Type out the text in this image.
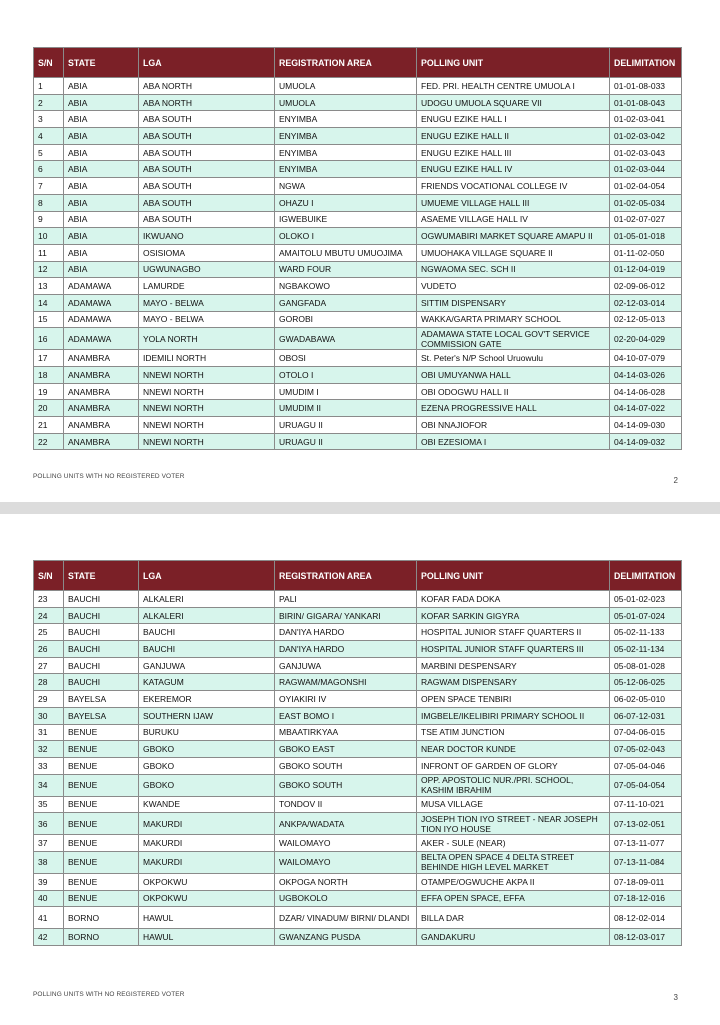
S/N	STATE	LGA	REGISTRATION AREA	POLLING UNIT	DELIMITATION
1	ABIA	ABA NORTH	UMUOLA	FED. PRI. HEALTH CENTRE UMUOLA I	01-01-08-033
2	ABIA	ABA NORTH	UMUOLA	UDOGU UMUOLA SQUARE VII	01-01-08-043
3	ABIA	ABA SOUTH	ENYIMBA	ENUGU EZIKE HALL I	01-02-03-041
4	ABIA	ABA SOUTH	ENYIMBA	ENUGU EZIKE HALL II	01-02-03-042
5	ABIA	ABA SOUTH	ENYIMBA	ENUGU EZIKE HALL III	01-02-03-043
6	ABIA	ABA SOUTH	ENYIMBA	ENUGU EZIKE HALL IV	01-02-03-044
7	ABIA	ABA SOUTH	NGWA	FRIENDS VOCATIONAL COLLEGE IV	01-02-04-054
8	ABIA	ABA SOUTH	OHAZU I	UMUEME VILLAGE HALL III	01-02-05-034
9	ABIA	ABA SOUTH	IGWEBUIKE	ASAEME VILLAGE HALL IV	01-02-07-027
10	ABIA	IKWUANO	OLOKO I	OGWUMABIRI MARKET SQUARE AMAPU II	01-05-01-018
11	ABIA	OSISIOMA	AMAITOLU MBUTU UMUOJIMA	UMUOHAKA VILLAGE SQUARE II	01-11-02-050
12	ABIA	UGWUNAGBO	WARD FOUR	NGWAOMA SEC. SCH II	01-12-04-019
13	ADAMAWA	LAMURDE	NGBAKOWO	VUDETO	02-09-06-012
14	ADAMAWA	MAYO - BELWA	GANGFADA	SITTIM DISPENSARY	02-12-03-014
15	ADAMAWA	MAYO - BELWA	GOROBI	WAKKA/GARTA PRIMARY SCHOOL	02-12-05-013
16	ADAMAWA	YOLA NORTH	GWADABAWA	ADAMAWA STATE LOCAL GOV'T SERVICE COMMISSION GATE	02-20-04-029
17	ANAMBRA	IDEMILI NORTH	OBOSI	St. Peter's N/P School Uruowulu	04-10-07-079
18	ANAMBRA	NNEWI NORTH	OTOLO I	OBI UMUYANWA HALL	04-14-03-026
19	ANAMBRA	NNEWI NORTH	UMUDIM I	OBI ODOGWU HALL II	04-14-06-028
20	ANAMBRA	NNEWI NORTH	UMUDIM II	EZENA PROGRESSIVE HALL	04-14-07-022
21	ANAMBRA	NNEWI NORTH	URUAGU II	OBI NNAJIOFOR	04-14-09-030
22	ANAMBRA	NNEWI NORTH	URUAGU II	OBI EZESIOMA I	04-14-09-032
POLLING UNITS WITH NO REGISTERED VOTER	2
S/N	STATE	LGA	REGISTRATION AREA	POLLING UNIT	DELIMITATION
23	BAUCHI	ALKALERI	PALI	KOFAR FADA DOKA	05-01-02-023
24	BAUCHI	ALKALERI	BIRIN/ GIGARA/ YANKARI	KOFAR SARKIN GIGYRA	05-01-07-024
25	BAUCHI	BAUCHI	DAN'IYA HARDO	HOSPITAL JUNIOR STAFF QUARTERS II	05-02-11-133
26	BAUCHI	BAUCHI	DAN'IYA HARDO	HOSPITAL JUNIOR STAFF QUARTERS III	05-02-11-134
27	BAUCHI	GANJUWA	GANJUWA	MARBINI DESPENSARY	05-08-01-028
28	BAUCHI	KATAGUM	RAGWAM/MAGONSHI	RAGWAM DISPENSARY	05-12-06-025
29	BAYELSA	EKEREMOR	OYIAKIRI IV	OPEN SPACE TENBIRI	06-02-05-010
30	BAYELSA	SOUTHERN IJAW	EAST BOMO I	IMGBELE/IKELIBIRI PRIMARY SCHOOL II	06-07-12-031
31	BENUE	BURUKU	MBAATIRKYAA	TSE ATIM JUNCTION	07-04-06-015
32	BENUE	GBOKO	GBOKO EAST	NEAR DOCTOR KUNDE	07-05-02-043
33	BENUE	GBOKO	GBOKO SOUTH	INFRONT OF GARDEN OF GLORY	07-05-04-046
34	BENUE	GBOKO	GBOKO SOUTH	OPP. APOSTOLIC NUR./PRI. SCHOOL, KASHIM IBRAHIM	07-05-04-054
35	BENUE	KWANDE	TONDOV II	MUSA VILLAGE	07-11-10-021
36	BENUE	MAKURDI	ANKPA/WADATA	JOSEPH TION IYO STREET - NEAR JOSEPH TION IYO HOUSE	07-13-02-051
37	BENUE	MAKURDI	WAILOMAYO	AKER - SULE (NEAR)	07-13-11-077
38	BENUE	MAKURDI	WAILOMAYO	BELTA OPEN SPACE 4 DELTA STREET BEHINDE HIGH LEVEL MARKET	07-13-11-084
39	BENUE	OKPOKWU	OKPOGA NORTH	OTAMPE/OGWUCHE AKPA II	07-18-09-011
40	BENUE	OKPOKWU	UGBOKOLO	EFFA OPEN SPACE, EFFA	07-18-12-016
41	BORNO	HAWUL	DZAR/ VINADUM/ BIRNI/ DLANDI	BILLA DAR	08-12-02-014
42	BORNO	HAWUL	GWANZANG PUSDA	GANDAKURU	08-12-03-017
POLLING UNITS WITH NO REGISTERED VOTER	3
